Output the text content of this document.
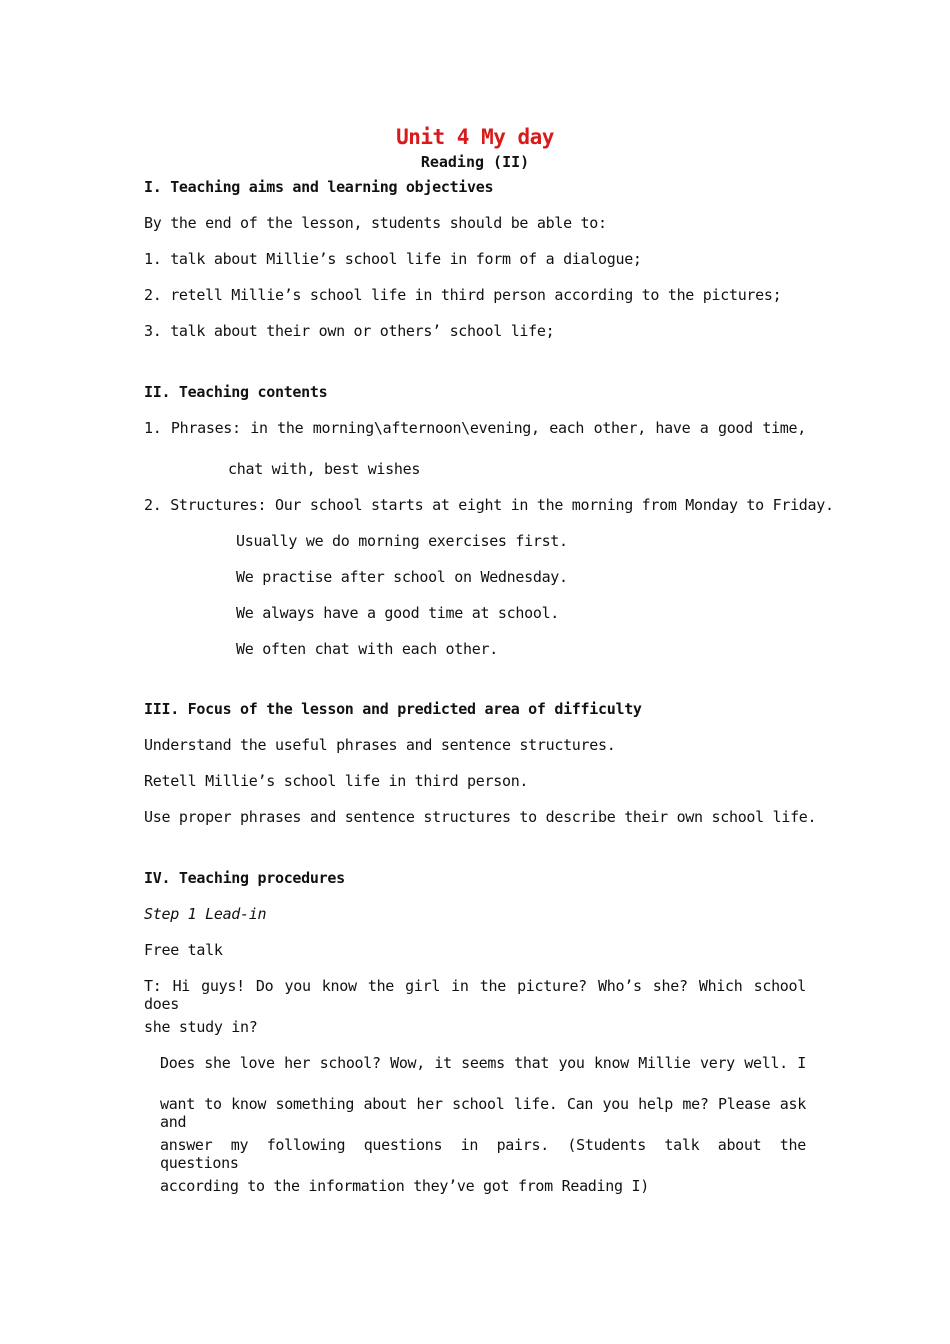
Unit 4 My day
Reading (II)
I. Teaching aims and learning objectives
By the end of the lesson, students should be able to:
1. talk about Millie’s school life in form of a dialogue;
2. retell Millie’s school life in third person according to the pictures;
3. talk about their own or others’ school life;
II. Teaching contents
1. Phrases: in the morning\afternoon\evening, each other, have a good time,
chat with, best wishes
2. Structures: Our school starts at eight in the morning from Monday to Friday.
Usually we do morning exercises first.
We practise after school on Wednesday.
We always have a good time at school.
We often chat with each other.
III. Focus of the lesson and predicted area of difficulty
Understand the useful phrases and sentence structures.
Retell Millie’s school life in third person.
Use proper phrases and sentence structures to describe their own school life.
IV. Teaching procedures
Step 1 Lead-in
Free talk
T: Hi guys! Do you know the girl in the picture? Who’s she? Which school does
she study in?
Does she love her school? Wow, it seems that you know Millie very well. I
want to know something about her school life. Can you help me? Please ask and
answer my following questions in pairs. (Students talk about the questions
according to the information they’ve got from Reading I)
